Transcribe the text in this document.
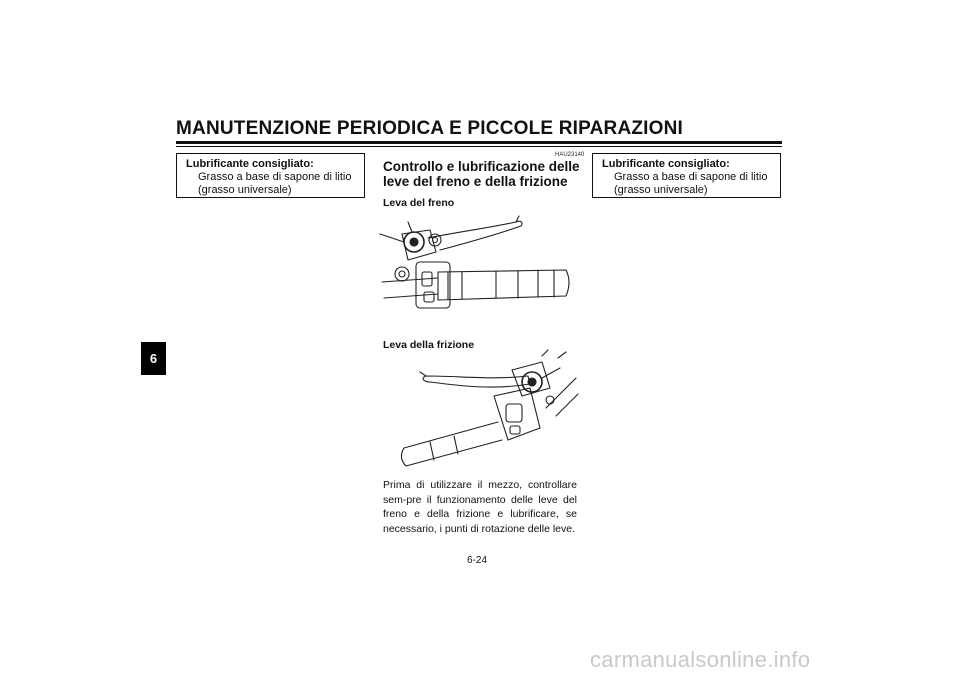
MANUTENZIONE PERIODICA E PICCOLE RIPARAZIONI
6
Lubrificante consigliato:
Grasso a base di sapone di litio
(grasso universale)
HAU23140
Controllo e lubrificazione delle leve del freno e della frizione
Leva del freno
Leva della frizione

Prima di utilizzare il mezzo, controllare sem-pre il funzionamento delle leve del freno e della frizione e lubrificare, se necessario, i punti di rotazione delle leve.

Lubrificante consigliato:
Grasso a base di sapone di litio
(grasso universale)
6-24
carmanualsonline.info
